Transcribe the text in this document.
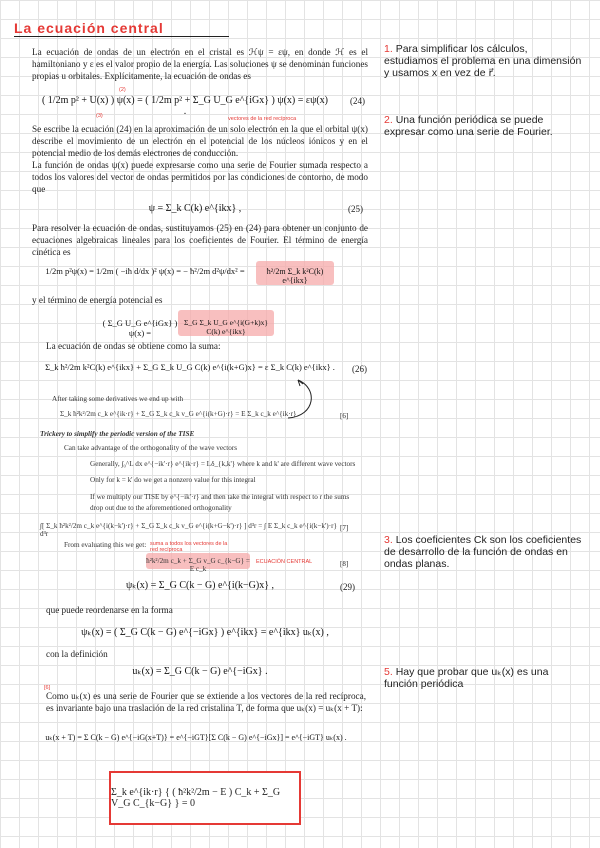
La ecuación central
La ecuación de ondas de un electrón en el cristal es ℋψ = εψ, en donde ℋ es el hamiltoniano y ε es el valor propio de la energía. Las soluciones ψ se denominan funciones propias u orbitales. Explícitamente, la ecuación de ondas es
( 1/2m p² + U(x) ) ψ(x) = ( 1/2m p² + Σ_G U_G e^{iGx} ) ψ(x) = εψ(x) .
(24)
(2)
(3)	vectores de la red recíproca
Se escribe la ecuación (24) en la aproximación de un solo electrón en la que el orbital ψ(x) describe el movimiento de un electrón en el potencial de los núcleos iónicos y en el potencial medio de los demás electrones de conducción.
La función de ondas ψ(x) puede expresarse como una serie de Fourier sumada respecto a todos los valores del vector de ondas permitidos por las condiciones de contorno, de modo que
ψ = Σ_k C(k) e^{ikx} ,	(25)
Para resolver la ecuación de ondas, sustituyamos (25) en (24) para obtener un conjunto de ecuaciones algebraicas lineales para los coeficientes de Fourier. El término de energía cinética es
1/2m p²ψ(x) = 1/2m ( −iħ d/dx )² ψ(x) = − ħ²/2m d²ψ/dx² =	ħ²/2m Σ_k k²C(k) e^{ikx}
y el término de energía potencial es
( Σ_G U_G e^{iGx} ) ψ(x) =
Σ_G Σ_k U_G e^{i(G+k)x} C(k) e^{ikx}
La ecuación de ondas se obtiene como la suma:
Σ_k ħ²/2m k²C(k) e^{ikx} + Σ_G Σ_k U_G C(k) e^{i(k+G)x} = ε Σ_k C(k) e^{ikx} .	(26)
After taking some derivatives we end up with
Σ_k ħ²k²/2m c_k e^{ik·r} + Σ_G Σ_k c_k v_G e^{i(k+G)·r} = E Σ_k c_k e^{ik·r}	[6]
Trickery to simplify the periodic version of the TISE
Can take advantage of the orthogonality of the wave vectors
Generally, ∫₀^L dx e^{−ik'·r} e^{ik·r} = Lδ_{k,k'} where k and k' are different wave vectors
Only for k = k' do we get a nonzero value for this integral
If we multiply our TISE by e^{−ik'·r} and then take the integral with respect to r the sums drop out due to the aforementioned orthogonality
∫[ Σ_k ħ²k²/2m c_k e^{i(k−k')·r} + Σ_G Σ_k c_k v_G e^{i(k+G−k')·r} ] d³r = ∫ E Σ_k c_k e^{i(k−k')·r} d³r
[7]
From evaluating this we get: suma a todos los vectores de la red recíproca
ħ²k²/2m c_k + Σ_G v_G c_{k−G} = E c_k
ECUACIÓN CENTRAL	[8]
ψₖ(x) = Σ_G C(k − G) e^{i(k−G)x} ,	(29)
que puede reordenarse en la forma
ψₖ(x) = ( Σ_G C(k − G) e^{−iGx} ) e^{ikx} = e^{ikx} uₖ(x) ,
con la definición
uₖ(x) = Σ_G C(k − G) e^{−iGx} .
[6]
Como uₖ(x) es una serie de Fourier que se extiende a los vectores de la red recíproca, es invariante bajo una traslación de la red cristalina T, de forma que uₖ(x) = uₖ(x + T):
uₖ(x + T) = Σ C(k − G) e^{−iG(x+T)} = e^{−iGT}[Σ C(k − G) e^{−iGx}] = e^{−iGT} uₖ(x) .
Σ_k e^{ik·r} { ( ħ²k²/2m − E ) C_k + Σ_G V_G C_{k−G} } = 0
1. Para simplificar los cálculos, estudiamos el problema en una dimensión y usamos x en vez de r⃗.
2. Una función periódica se puede expresar como una serie de Fourier.
3. Los coeficientes Ck son los coeficientes de desarrollo de la función de ondas en ondas planas.
5. Hay que probar que uₖ(x) es una función periódica
